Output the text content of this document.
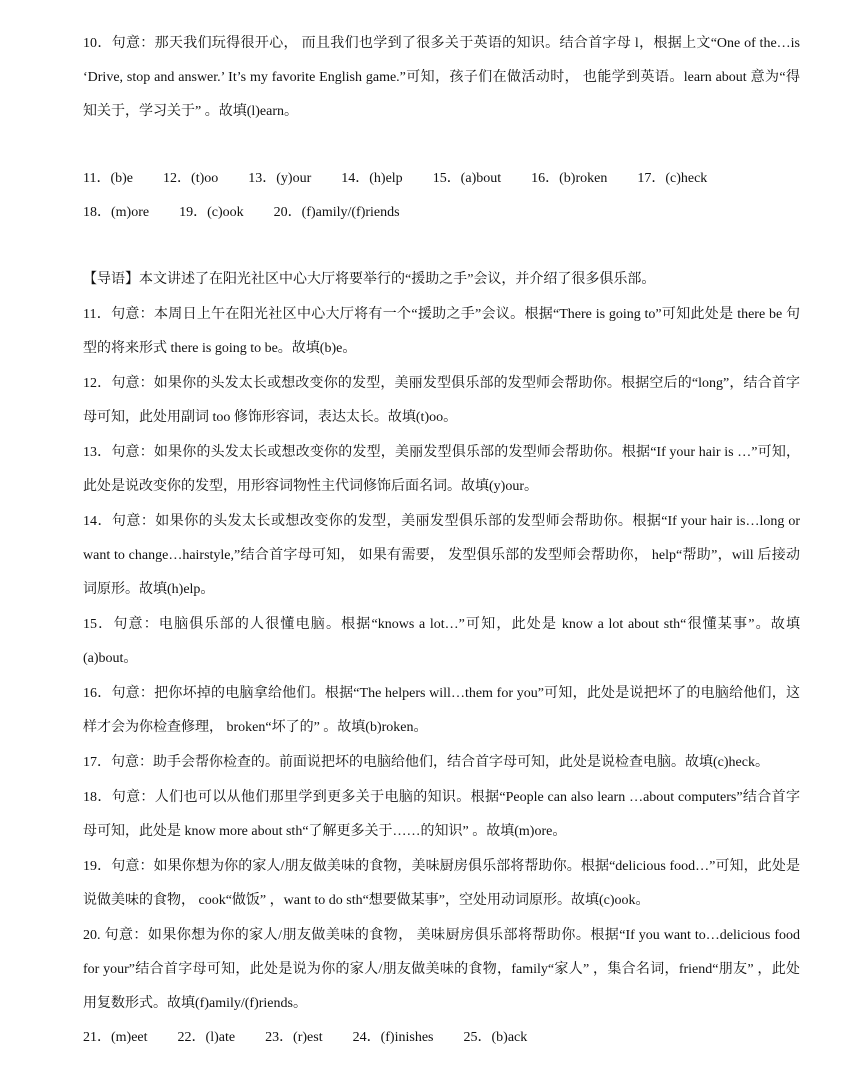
10．句意：那天我们玩得很开心， 而且我们也学到了很多关于英语的知识。结合首字母 l，根据上文“One of the…is ‘Drive, stop and answer.’ It’s my favorite English game.”可知，孩子们在做活动时， 也能学到英语。learn about 意为“得知关于，学习关于” 。故填(l)earn。

11．(b)e 12．(t)oo 13．(y)our 14．(h)elp 15．(a)bout 16．(b)roken 17．(c)heck
18．(m)ore 19．(c)ook 20．(f)amily/(f)riends

【导语】本文讲述了在阳光社区中心大厅将要举行的“援助之手”会议，并介绍了很多俱乐部。

11．句意：本周日上午在阳光社区中心大厅将有一个“援助之手”会议。根据“There is going to”可知此处是 there be 句型的将来形式 there is going to be。故填(b)e。

12．句意：如果你的头发太长或想改变你的发型，美丽发型俱乐部的发型师会帮助你。根据空后的“long”，结合首字母可知，此处用副词 too 修饰形容词，表达太长。故填(t)oo。

13．句意：如果你的头发太长或想改变你的发型，美丽发型俱乐部的发型师会帮助你。根据“If your hair is …”可知，此处是说改变你的发型，用形容词物性主代词修饰后面名词。故填(y)our。

14．句意：如果你的头发太长或想改变你的发型，美丽发型俱乐部的发型师会帮助你。根据“If your hair is…long or want to change…hairstyle,”结合首字母可知， 如果有需要， 发型俱乐部的发型师会帮助你， help“帮助”，will 后接动词原形。故填(h)elp。

15．句意：电脑俱乐部的人很懂电脑。根据“knows a lot…”可知，此处是 know a lot about sth“很懂某事”。故填(a)bout。

16．句意：把你坏掉的电脑拿给他们。根据“The helpers will…them for you”可知，此处是说把坏了的电脑给他们，这样才会为你检查修理， broken“坏了的” 。故填(b)roken。

17．句意：助手会帮你检查的。前面说把坏的电脑给他们，结合首字母可知，此处是说检查电脑。故填(c)heck。

18．句意：人们也可以从他们那里学到更多关于电脑的知识。根据“People can also learn …about computers”结合首字母可知，此处是 know more about sth“了解更多关于……的知识” 。故填(m)ore。

19．句意：如果你想为你的家人/朋友做美味的食物，美味厨房俱乐部将帮助你。根据“delicious food…”可知，此处是说做美味的食物， cook“做饭” ，want to do sth“想要做某事”，空处用动词原形。故填(c)ook。

20. 句意：如果你想为你的家人/朋友做美味的食物， 美味厨房俱乐部将帮助你。根据“If you want to…delicious food for your”结合首字母可知，此处是说为你的家人/朋友做美味的食物，family“家人” ，集合名词，friend“朋友” ，此处用复数形式。故填(f)amily/(f)riends。

21．(m)eet 22．(l)ate 23．(r)est 24．(f)inishes 25．(b)ack
